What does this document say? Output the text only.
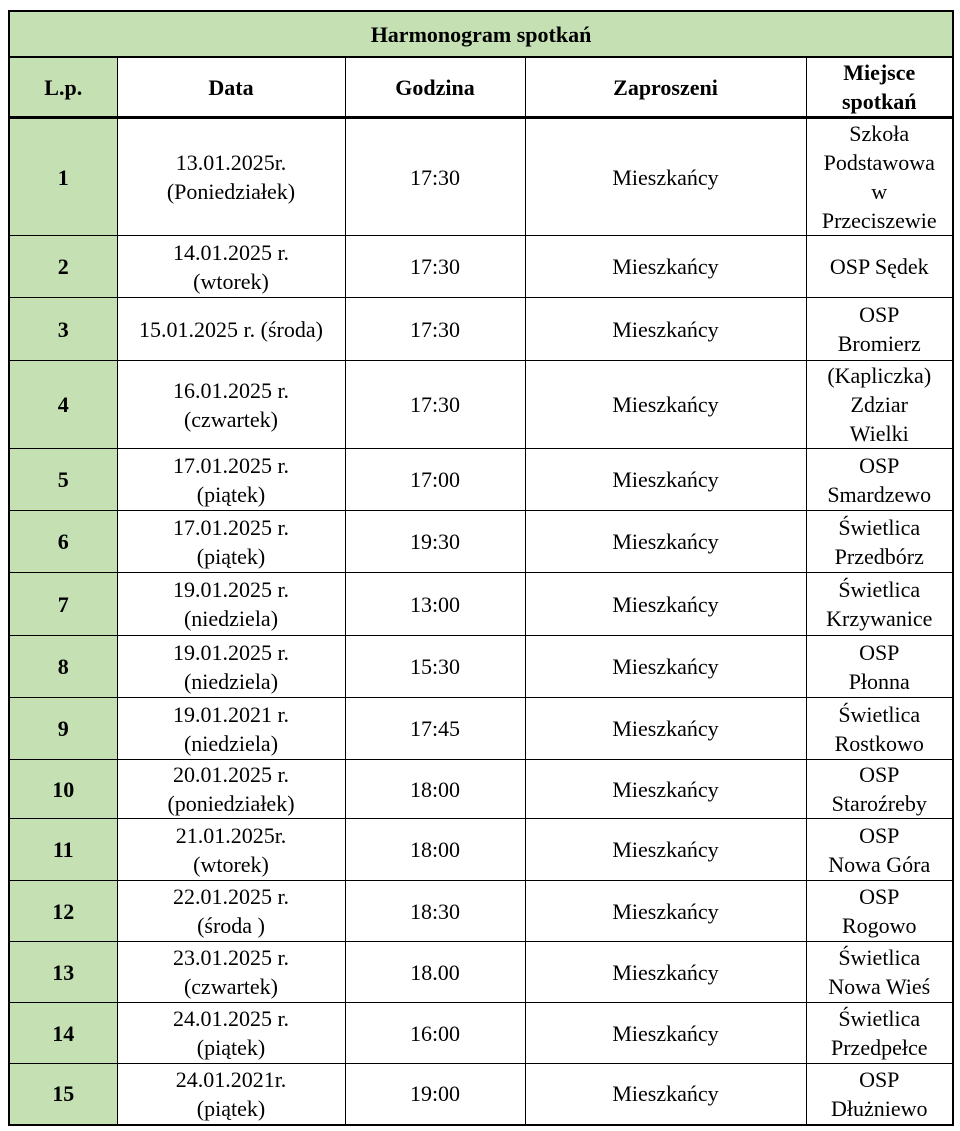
Harmonogram spotkań				
L.p.	Data	Godzina	Zaproszeni	Miejsce
spotkań

1	13.01.2025r.
(Poniedziałek)	17:30	Mieszkańcy	Szkoła
Podstawowa
w
Przeciszewie

2	14.01.2025 r.
(wtorek)	17:30	Mieszkańcy	OSP Sędek

3	15.01.2025 r. (środa)	17:30	Mieszkańcy	OSP
Bromierz

4	16.01.2025 r.
(czwartek)	17:30	Mieszkańcy	(Kapliczka)
Zdziar
Wielki

5	17.01.2025 r.
(piątek)	17:00	Mieszkańcy	OSP
Smardzewo

6	17.01.2025 r.
(piątek)	19:30	Mieszkańcy	Świetlica
Przedbórz

7	19.01.2025 r.
(niedziela)	13:00	Mieszkańcy	Świetlica
Krzywanice

8	19.01.2025 r.
(niedziela)	15:30	Mieszkańcy	OSP
Płonna

9	19.01.2021 r.
(niedziela)	17:45	Mieszkańcy	Świetlica
Rostkowo

10	20.01.2025 r.
(poniedziałek)	18:00	Mieszkańcy	OSP
Staroźreby

11	21.01.2025r.
(wtorek)	18:00	Mieszkańcy	OSP
Nowa Góra

12	22.01.2025 r.
(środa )	18:30	Mieszkańcy	OSP
Rogowo

13	23.01.2025 r.
(czwartek)	18.00	Mieszkańcy	Świetlica
Nowa Wieś

14	24.01.2025 r.
(piątek)	16:00	Mieszkańcy	Świetlica
Przedpełce

15	24.01.2021r.
(piątek)	19:00	Mieszkańcy	OSP
Dłużniewo
